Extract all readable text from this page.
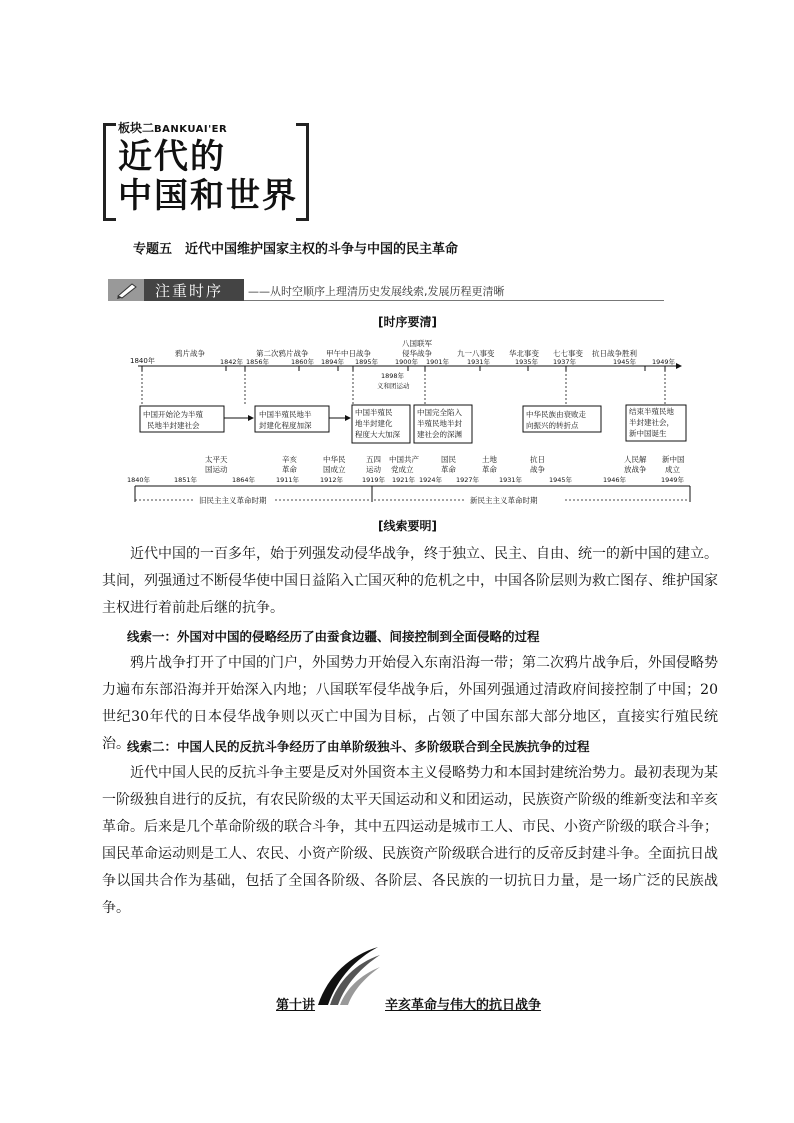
板块二BANKUAI'ER
近代的
中国和世界
专题五　近代中国维护国家主权的斗争与中国的民主革命
注重时序 ——从时空顺序上理清历史发展线索,发展历程更清晰
[时序要清]
1840年
鸦片战争	第二次鸦片战争 甲午中日战争
八国联军
侵华战争	九一八事变 华北事变 七七事变 抗日战争胜利
1842年 1856年	1860年 1894年 1895年	1900年 1901年	1931年	1935年 1937年	1945年 1949年
1898年
义和团运动
中国开始沦为半殖
民地半封建社会
中国半殖民地半
封建化程度加深
中国半殖民
地半封建化
程度大大加深
中国完全陷入
半殖民地半封
建社会的深渊
中华民族由衰败走
向振兴的转折点
结束半殖民地
半封建社会，
新中国诞生
旧民主主义革命时期	新民主主义革命时期
1840年	1851年	1864年	1911年	1912年	1919年 1921年 1924年 1927年	1931年	1945年	1946年	1949年
太平天
国运动
辛亥
革命
中华民
国成立
五四
运动
中国共产
党成立
国民
革命
土地
革命
抗日
战争
人民解
放战争
新中国
成立
[线索要明]
近代中国的一百多年，始于列强发动侵华战争，终于独立、民主、自由、统一的新中国的建立。其间，列强通过不断侵华使中国日益陷入亡国灭种的危机之中，中国各阶层则为救亡图存、维护国家主权进行着前赴后继的抗争。
线索一：外国对中国的侵略经历了由蚕食边疆、间接控制到全面侵略的过程
鸦片战争打开了中国的门户，外国势力开始侵入东南沿海一带；第二次鸦片战争后，外国侵略势力遍布东部沿海并开始深入内地；八国联军侵华战争后，外国列强通过清政府间接控制了中国；20世纪30年代的日本侵华战争则以灭亡中国为目标，占领了中国东部大部分地区，直接实行殖民统治。
线索二：中国人民的反抗斗争经历了由单阶级独斗、多阶级联合到全民族抗争的过程
近代中国人民的反抗斗争主要是反对外国资本主义侵略势力和本国封建统治势力。最初表现为某一阶级独自进行的反抗，有农民阶级的太平天国运动和义和团运动，民族资产阶级的维新变法和辛亥革命。后来是几个革命阶级的联合斗争，其中五四运动是城市工人、市民、小资产阶级的联合斗争；国民革命运动则是工人、农民、小资产阶级、民族资产阶级联合进行的反帝反封建斗争。全面抗日战争以国共合作为基础，包括了全国各阶级、各阶层、各民族的一切抗日力量，是一场广泛的民族战争。
第十讲	辛亥革命与伟大的抗日战争
